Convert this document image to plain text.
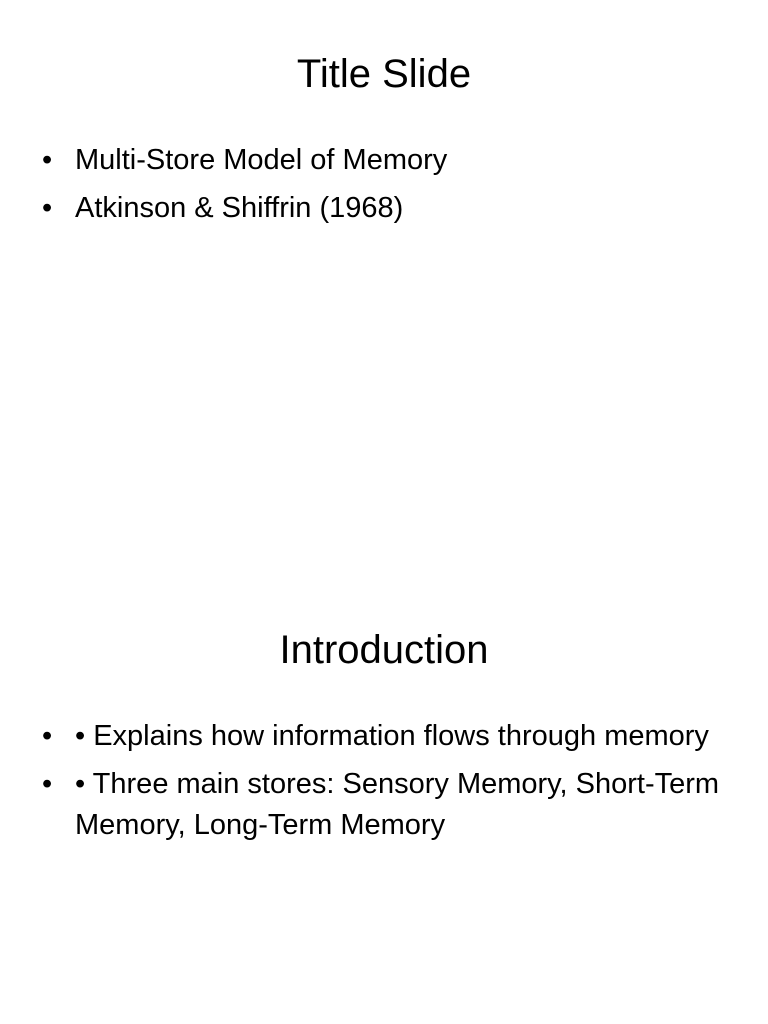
Title Slide
• Multi-Store Model of Memory
• Atkinson & Shiffrin (1968)
Introduction
• • Explains how information flows through memory
• • Three main stores: Sensory Memory, Short-Term Memory, Long-Term Memory
